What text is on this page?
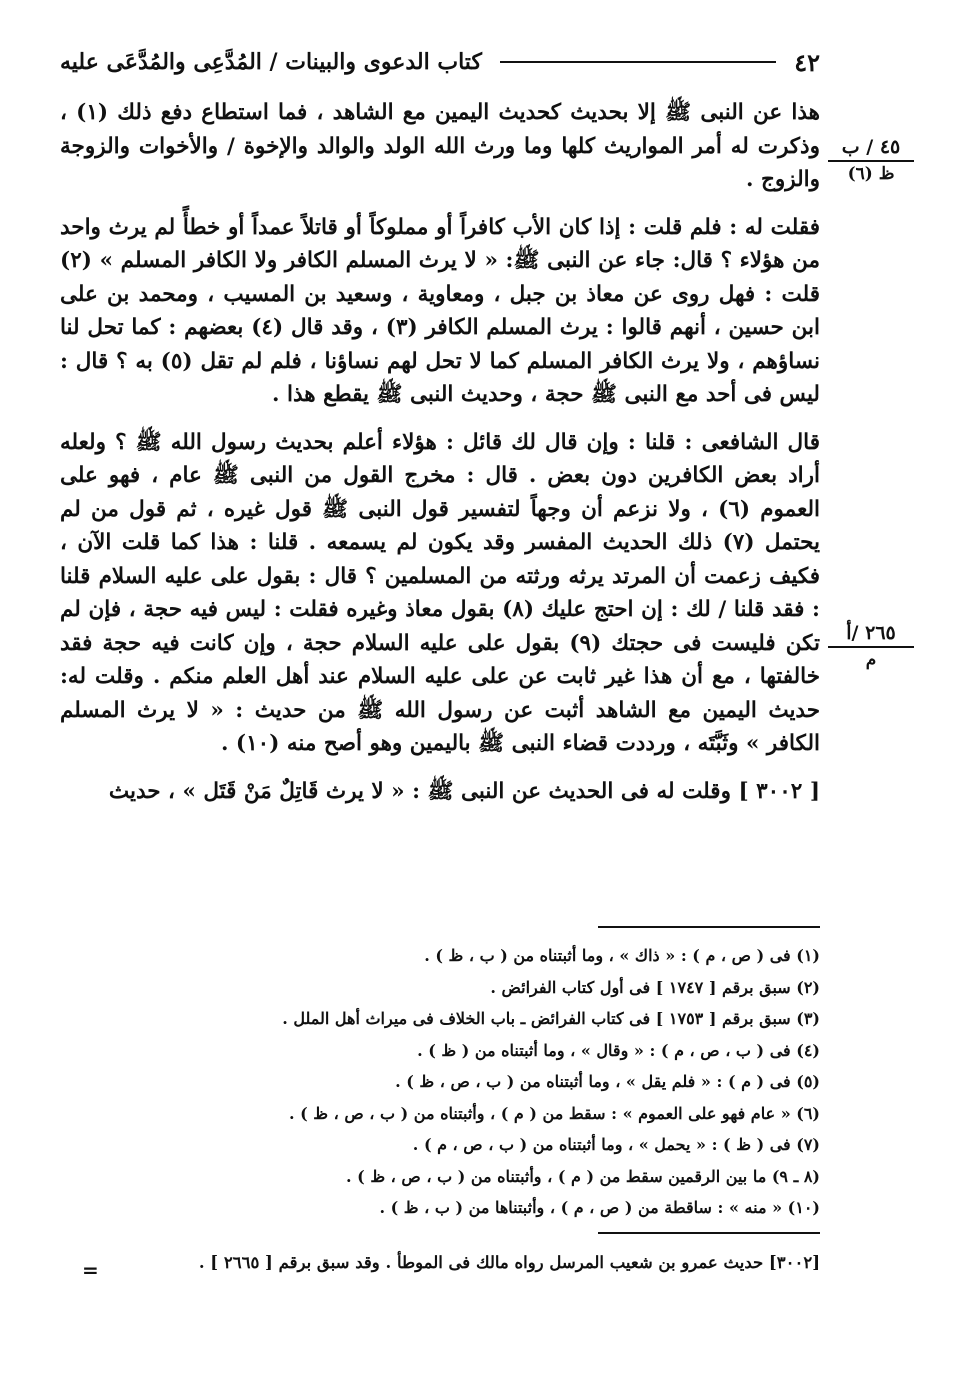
٤٢
كتاب الدعوى والبينات / المُدَّعِى والمُدَّعَى عليه
٤٥ / ب
ظ (٦)
٢٦٥ /أ
م

هذا عن النبى ﷺ إلا بحديث كحديث اليمين مع الشاهد ، فما استطاع دفع ذلك (١) ، وذكرت له أمر المواريث كلها وما ورث الله الولد والوالد والإخوة / والأخوات والزوجة والزوج .

فقلت له : فلم قلت : إذا كان الأب كافراً أو مملوكاً أو قاتلاً عمداً أو خطأً لم يرث واحد من هؤلاء ؟ قال: جاء عن النبى ﷺ: « لا يرث المسلم الكافر ولا الكافر المسلم » (٢) قلت : فهل روى عن معاذ بن جبل ، ومعاوية ، وسعيد بن المسيب ، ومحمد بن على ابن حسين ، أنهم قالوا : يرث المسلم الكافر (٣) ، وقد قال (٤) بعضهم : كما تحل لنا نساؤهم ، ولا يرث الكافر المسلم كما لا تحل لهم نساؤنا ، فلم لم تقل (٥) به ؟ قال : ليس فى أحد مع النبى ﷺ حجة ، وحديث النبى ﷺ يقطع هذا .

قال الشافعى : قلنا : وإن قال لك قائل : هؤلاء أعلم بحديث رسول الله ﷺ ؟ ولعله أراد بعض الكافرين دون بعض . قال : مخرج القول من النبى ﷺ عام ، فهو على العموم (٦) ، ولا نزعم أن وجهاً لتفسير قول النبى ﷺ قول غيره ، ثم قول من لم يحتمل (٧) ذلك الحديث المفسر وقد يكون لم يسمعه . قلنا : هذا كما قلت الآن ، فكيف زعمت أن المرتد يرثه ورثته من المسلمين ؟ قال : بقول على عليه السلام قلنا : فقد قلنا / لك : إن احتج عليك (٨) بقول معاذ وغيره فقلت : ليس فيه حجة ، فإن لم تكن فليست فى حجتك (٩) بقول على عليه السلام حجة ، وإن كانت فيه حجة فقد خالفتها ، مع أن هذا غير ثابت عن على عليه السلام عند أهل العلم منكم . وقلت له: حديث اليمين مع الشاهد أثبت عن رسول الله ﷺ من حديث : « لا يرث المسلم الكافر » وثَبَّتَه ، ورددت قضاء النبى ﷺ باليمين وهو أصح منه (١٠) .

[ ٣٠٠٢ ] وقلت له فى الحديث عن النبى ﷺ : « لا يرث قَاتِلٌ مَنْ قَتَل » ، حديث

(١) فى ( ص ، م ) : « ذاك » ، وما أثبتناه من ( ب ، ظ ) .
(٢) سبق برقم [ ١٧٤٧ ] فى أول كتاب الفرائض .
(٣) سبق برقم [ ١٧٥٣ ] فى كتاب الفرائض ـ باب الخلاف فى ميراث أهل الملل .
(٤) فى ( ب ، ص ، م ) : « وقال » ، وما أثبتناه من ( ظ ) .
(٥) فى ( م ) : « فلم يقل » ، وما أثبتناه من ( ب ، ص ، ظ ) .
(٦) « عام فهو على العموم » : سقط من ( م ) ، وأثبتناه من ( ب ، ص ، ظ ) .
(٧) فى ( ظ ) : « يحمل » ، وما أثبتناه من ( ب ، ص ، م ) .
(٨ ـ ٩) ما بين الرقمين سقط من ( م ) ، وأثبتناه من ( ب ، ص ، ظ ) .
(١٠) « منه » : ساقطة من ( ص ، م ) ، وأثبتناها من ( ب ، ظ ) .
[٣٠٠٢] حديث عمرو بن شعيب المرسل رواه مالك فى الموطأ . وقد سبق برقم [ ٢٦٦٥ ] .
=
